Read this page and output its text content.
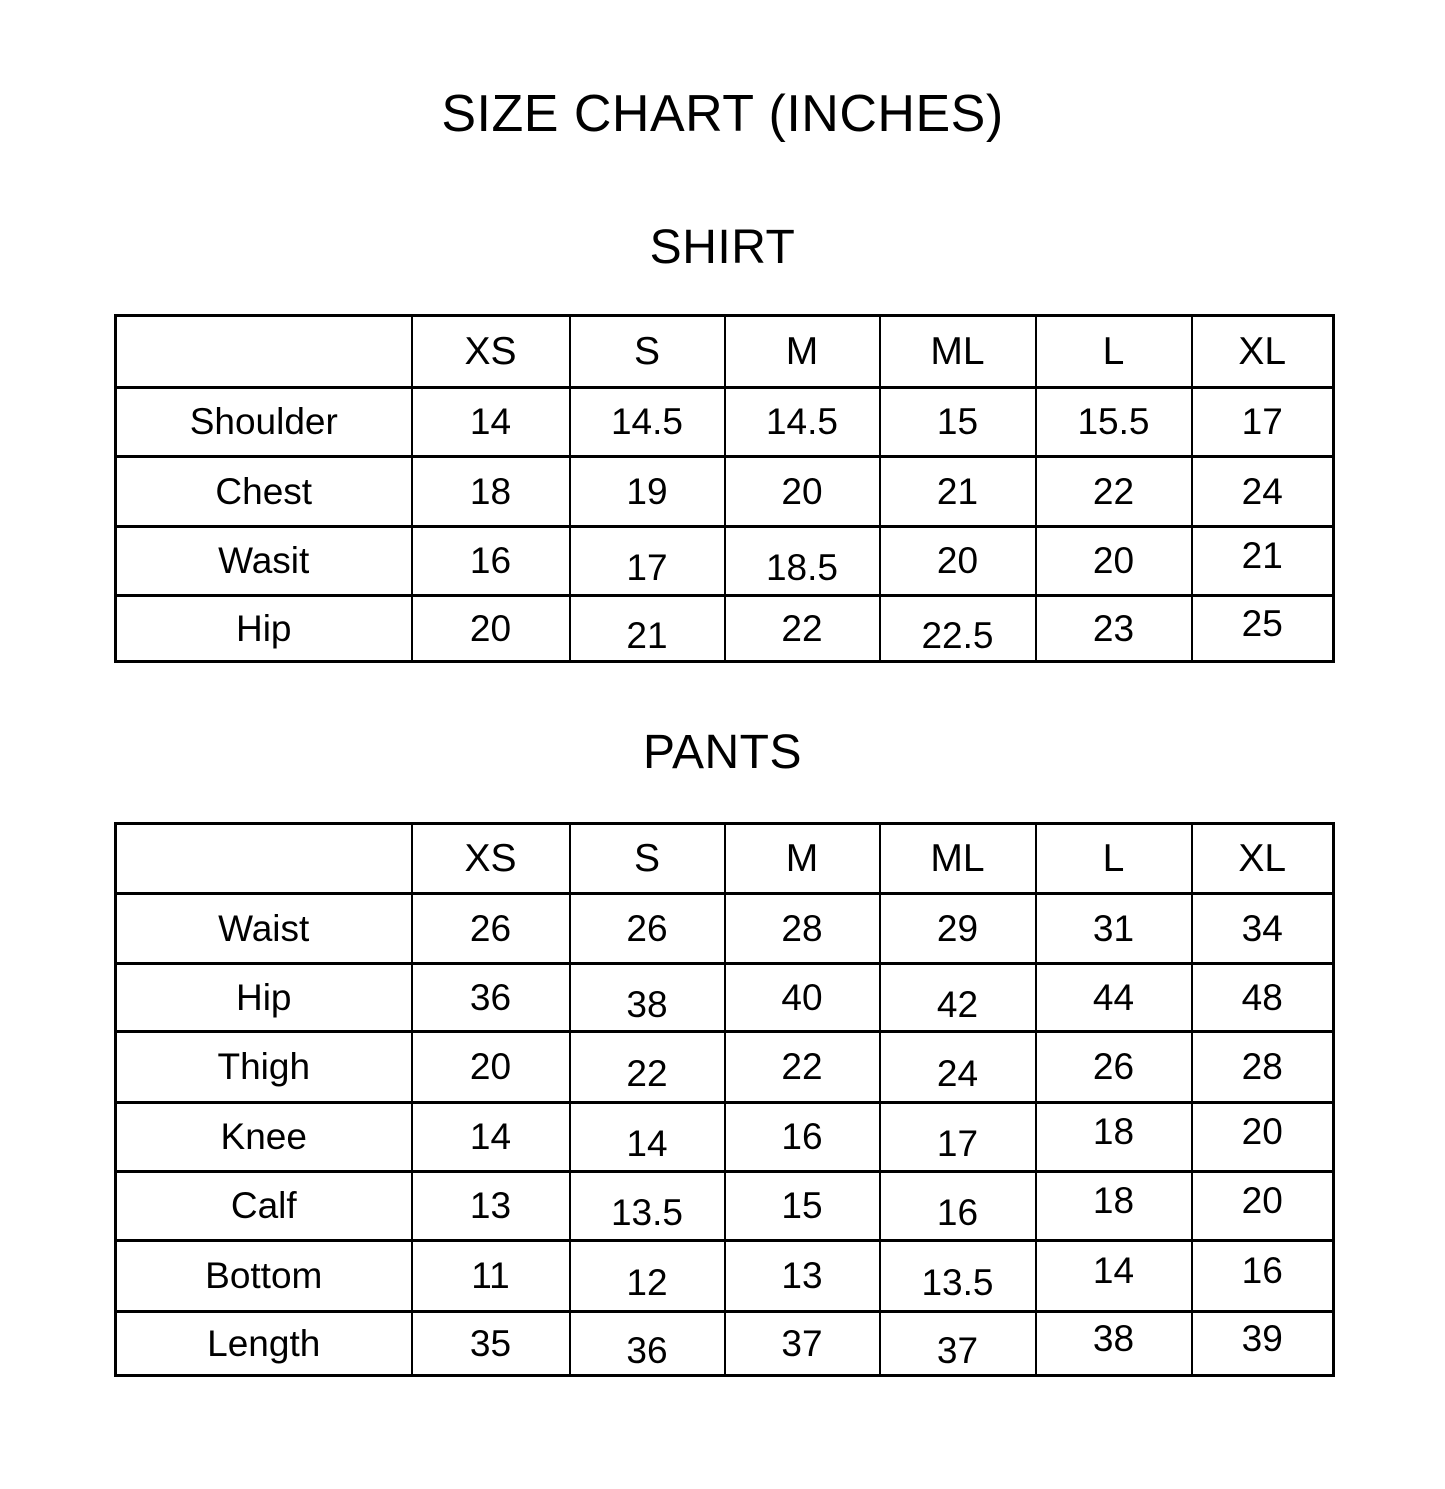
SIZE CHART (INCHES)
SHIRT
	XS	S	M	ML	L	XL
Shoulder	14	14.5	14.5	15	15.5	17
Chest	18	19	20	21	22	24
Wasit	16	17	18.5	20	20	21
Hip	20	21	22	22.5	23	25
PANTS
	XS	S	M	ML	L	XL
Waist	26	26	28	29	31	34
Hip	36	38	40	42	44	48
Thigh	20	22	22	24	26	28
Knee	14	14	16	17	18	20
Calf	13	13.5	15	16	18	20
Bottom	11	12	13	13.5	14	16
Length	35	36	37	37	38	39
